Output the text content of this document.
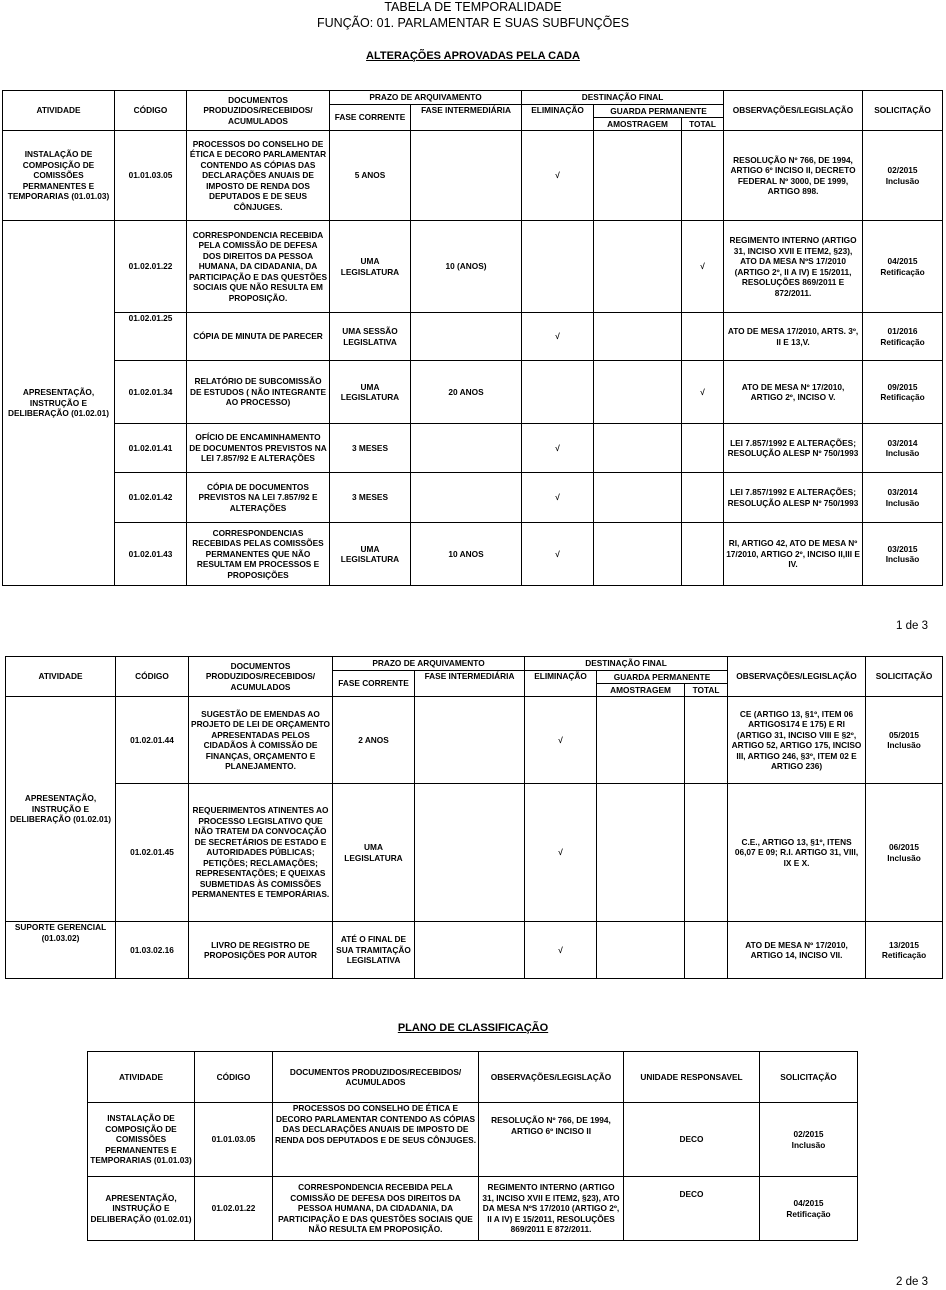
TABELA DE TEMPORALIDADE
FUNÇÃO: 01. PARLAMENTAR E SUAS SUBFUNÇÕES
ALTERAÇÕES APROVADAS PELA CADA
ATIVIDADE	CÓDIGO	DOCUMENTOS PRODUZIDOS/RECEBIDOS/ ACUMULADOS	PRAZO DE ARQUIVAMENTO		DESTINAÇÃO FINAL			OBSERVAÇÕES/LEGISLAÇÃO	SOLICITAÇÃO
			FASE CORRENTE	FASE INTERMEDIÁRIA	ELIMINAÇÃO	GUARDA PERMANENTE			
						AMOSTRAGEM	TOTAL		
INSTALAÇÃO DE COMPOSIÇÃO DE COMISSÕES PERMANENTES E TEMPORARIAS (01.01.03)	01.01.03.05	PROCESSOS DO CONSELHO DE ÉTICA E DECORO PARLAMENTAR CONTENDO AS CÓPIAS DAS DECLARAÇÕES ANUAIS DE IMPOSTO DE RENDA DOS DEPUTADOS E DE SEUS CÔNJUGES.	5 ANOS		√			RESOLUÇÃO Nº 766, DE 1994, ARTIGO 6º INCISO II, DECRETO FEDERAL Nº 3000, DE 1999, ARTIGO 898.	02/2015
Inclusão
APRESENTAÇÃO, INSTRUÇÃO E DELIBERAÇÃO (01.02.01)	01.02.01.22	CORRESPONDENCIA RECEBIDA PELA COMISSÃO DE DEFESA DOS DIREITOS DA PESSOA HUMANA, DA CIDADANIA, DA PARTICIPAÇÃO E DAS QUESTÕES SOCIAIS QUE NÃO RESULTA EM PROPOSIÇÃO.	UMA LEGISLATURA	10 (ANOS)			√	REGIMENTO INTERNO (ARTIGO 31, INCISO XVII E ITEM2, §23), ATO DA MESA NºS 17/2010 (ARTIGO 2º, II A IV) E 15/2011, RESOLUÇÕES 869/2011 E 872/2011.	04/2015
Retificação
	01.02.01.25	CÓPIA DE MINUTA DE PARECER	UMA SESSÃO LEGISLATIVA		√			ATO DE MESA 17/2010, ARTS. 3º, II E 13,V.	01/2016
Retificação
	01.02.01.34	RELATÓRIO DE SUBCOMISSÃO DE ESTUDOS ( NÃO INTEGRANTE AO PROCESSO)	UMA LEGISLATURA	20 ANOS			√	ATO DE MESA Nº 17/2010, ARTIGO 2º, INCISO V.	09/2015
Retificação
	01.02.01.41	OFÍCIO DE ENCAMINHAMENTO DE DOCUMENTOS PREVISTOS NA LEI 7.857/92 E ALTERAÇÕES	3 MESES		√			LEI 7.857/1992 E ALTERAÇÕES; RESOLUÇÃO ALESP Nº 750/1993	03/2014
Inclusão
	01.02.01.42	CÓPIA DE DOCUMENTOS PREVISTOS NA LEI 7.857/92 E ALTERAÇÕES	3 MESES		√			LEI 7.857/1992 E ALTERAÇÕES; RESOLUÇÃO ALESP Nº 750/1993	03/2014
Inclusão
	01.02.01.43	CORRESPONDENCIAS RECEBIDAS PELAS COMISSÕES PERMANENTES QUE NÃO RESULTAM EM PROCESSOS E PROPOSIÇÕES	UMA LEGISLATURA	10 ANOS	√			RI, ARTIGO 42, ATO DE MESA Nº 17/2010, ARTIGO 2º, INCISO II,III E IV.	03/2015
Inclusão
1 de 3
ATIVIDADE	CÓDIGO	DOCUMENTOS PRODUZIDOS/RECEBIDOS/ ACUMULADOS	PRAZO DE ARQUIVAMENTO		DESTINAÇÃO FINAL			OBSERVAÇÕES/LEGISLAÇÃO	SOLICITAÇÃO
			FASE CORRENTE	FASE INTERMEDIÁRIA	ELIMINAÇÃO	GUARDA PERMANENTE			
						AMOSTRAGEM	TOTAL		
APRESENTAÇÃO, INSTRUÇÃO E DELIBERAÇÃO (01.02.01)	01.02.01.44	SUGESTÃO DE EMENDAS AO PROJETO DE LEI DE ORÇAMENTO APRESENTADAS PELOS CIDADÃOS À COMISSÃO DE FINANÇAS, ORÇAMENTO E PLANEJAMENTO.	2 ANOS		√			CE (ARTIGO 13, §1º, ITEM 06 ARTIGOS174 E 175) E RI (ARTIGO 31, INCISO VIII E §2º, ARTIGO 52, ARTIGO 175, INCISO III, ARTIGO 246, §3º, ITEM 02 E ARTIGO 236)	05/2015
Inclusão
	01.02.01.45	REQUERIMENTOS ATINENTES AO PROCESSO LEGISLATIVO QUE NÃO TRATEM DA CONVOCAÇÃO DE SECRETÁRIOS DE ESTADO E AUTORIDADES PÚBLICAS; PETIÇÕES; RECLAMAÇÕES; REPRESENTAÇÕES; E QUEIXAS SUBMETIDAS ÀS COMISSÕES PERMANENTES E TEMPORÁRIAS.	UMA LEGISLATURA		√			C.E., ARTIGO 13, §1º, ITENS 06,07 E 09; R.I. ARTIGO 31, VIII, IX E X.	06/2015
Inclusão
SUPORTE GERENCIAL (01.03.02)	01.03.02.16	LIVRO DE REGISTRO DE PROPOSIÇÕES POR AUTOR	ATÉ O FINAL DE SUA TRAMITAÇÃO LEGISLATIVA		√			ATO DE MESA Nº 17/2010, ARTIGO 14, INCISO VII.	13/2015
Retificação
PLANO DE CLASSIFICAÇÃO
ATIVIDADE	CÓDIGO	DOCUMENTOS PRODUZIDOS/RECEBIDOS/ ACUMULADOS	OBSERVAÇÕES/LEGISLAÇÃO	UNIDADE RESPONSAVEL	SOLICITAÇÃO
INSTALAÇÃO DE COMPOSIÇÃO DE COMISSÕES PERMANENTES E TEMPORARIAS (01.01.03)	01.01.03.05	PROCESSOS DO CONSELHO DE ÉTICA E DECORO PARLAMENTAR CONTENDO AS CÓPIAS DAS DECLARAÇÕES ANUAIS DE IMPOSTO DE RENDA DOS DEPUTADOS E DE SEUS CÔNJUGES.	RESOLUÇÃO Nº 766, DE 1994, ARTIGO 6º INCISO II	DECO	02/2015
Inclusão
APRESENTAÇÃO, INSTRUÇÃO E DELIBERAÇÃO (01.02.01)	01.02.01.22	CORRESPONDENCIA RECEBIDA PELA COMISSÃO DE DEFESA DOS DIREITOS DA PESSOA HUMANA, DA CIDADANIA, DA PARTICIPAÇÃO E DAS QUESTÕES SOCIAIS QUE NÃO RESULTA EM PROPOSIÇÃO.	REGIMENTO INTERNO (ARTIGO 31, INCISO XVII E ITEM2, §23), ATO DA MESA NºS 17/2010 (ARTIGO 2º, II A IV) E 15/2011, RESOLUÇÕES 869/2011 E 872/2011.	DECO	04/2015
Retificação
2 de 3
